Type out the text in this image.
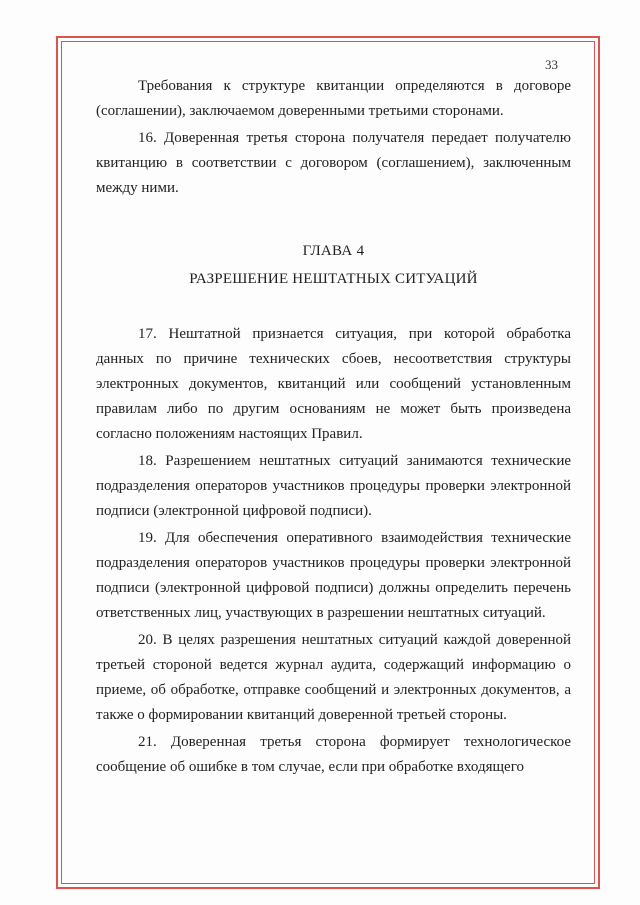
33

Требования к структуре квитанции определяются в договоре (соглашении), заключаемом доверенными третьими сторонами.

16. Доверенная третья сторона получателя передает получателю квитанцию в соответствии с договором (соглашением), заключенным между ними.

ГЛАВА 4
РАЗРЕШЕНИЕ НЕШТАТНЫХ СИТУАЦИЙ

17. Нештатной признается ситуация, при которой обработка данных по причине технических сбоев, несоответствия структуры электронных документов, квитанций или сообщений установленным правилам либо по другим основаниям не может быть произведена согласно положениям настоящих Правил.

18. Разрешением нештатных ситуаций занимаются технические подразделения операторов участников процедуры проверки электронной подписи (электронной цифровой подписи).

19. Для обеспечения оперативного взаимодействия технические подразделения операторов участников процедуры проверки электронной подписи (электронной цифровой подписи) должны определить перечень ответственных лиц, участвующих в разрешении нештатных ситуаций.

20. В целях разрешения нештатных ситуаций каждой доверенной третьей стороной ведется журнал аудита, содержащий информацию о приеме, об обработке, отправке сообщений и электронных документов, а также о формировании квитанций доверенной третьей стороны.

21. Доверенная третья сторона формирует технологическое сообщение об ошибке в том случае, если при обработке входящего
